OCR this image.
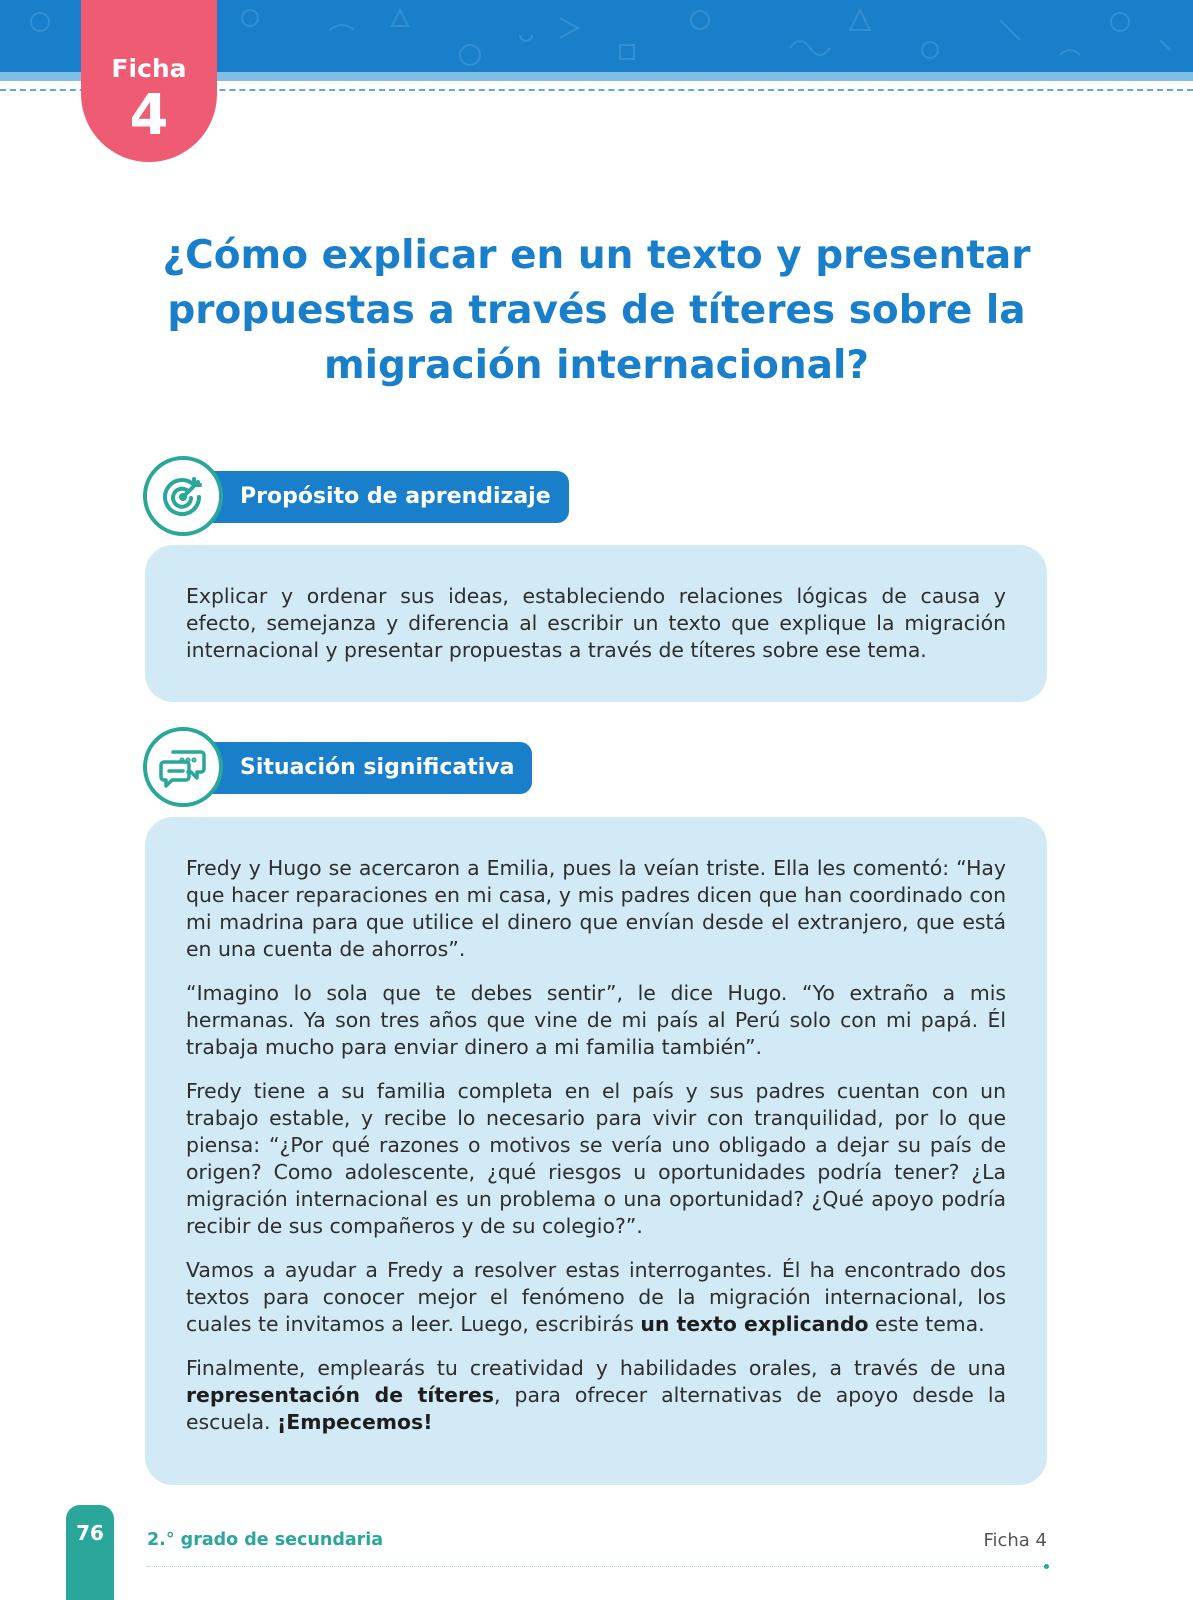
Ficha
4
¿Cómo explicar en un texto y presentar
propuestas a través de títeres sobre la
migración internacional?
Propósito de aprendizaje

Explicar y ordenar sus ideas, estableciendo relaciones lógicas de causa y efecto, semejanza y diferencia al escribir un texto que explique la migración internacional y presentar propuestas a través de títeres sobre ese tema.

Situación significativa

Fredy y Hugo se acercaron a Emilia, pues la veían triste. Ella les comentó: “Hay que hacer reparaciones en mi casa, y mis padres dicen que han coordinado con mi madrina para que utilice el dinero que envían desde el extranjero, que está en una cuenta de ahorros”.

“Imagino lo sola que te debes sentir”, le dice Hugo. “Yo extraño a mis hermanas. Ya son tres años que vine de mi país al Perú solo con mi papá. Él trabaja mucho para enviar dinero a mi familia también”.

Fredy tiene a su familia completa en el país y sus padres cuentan con un trabajo estable, y recibe lo necesario para vivir con tranquilidad, por lo que piensa: “¿Por qué razones o motivos se vería uno obligado a dejar su país de origen? Como adolescente, ¿qué riesgos u oportunidades podría tener? ¿La migración internacional es un problema o una oportunidad? ¿Qué apoyo podría recibir de sus compañeros y de su colegio?”.

Vamos a ayudar a Fredy a resolver estas interrogantes. Él ha encontrado dos textos para conocer mejor el fenómeno de la migración internacional, los cuales te invitamos a leer. Luego, escribirás un texto explicando este tema.

Finalmente, emplearás tu creatividad y habilidades orales, a través de una representación de títeres, para ofrecer alternativas de apoyo desde la escuela. ¡Empecemos!

76	2.° grado de secundaria	Ficha 4
